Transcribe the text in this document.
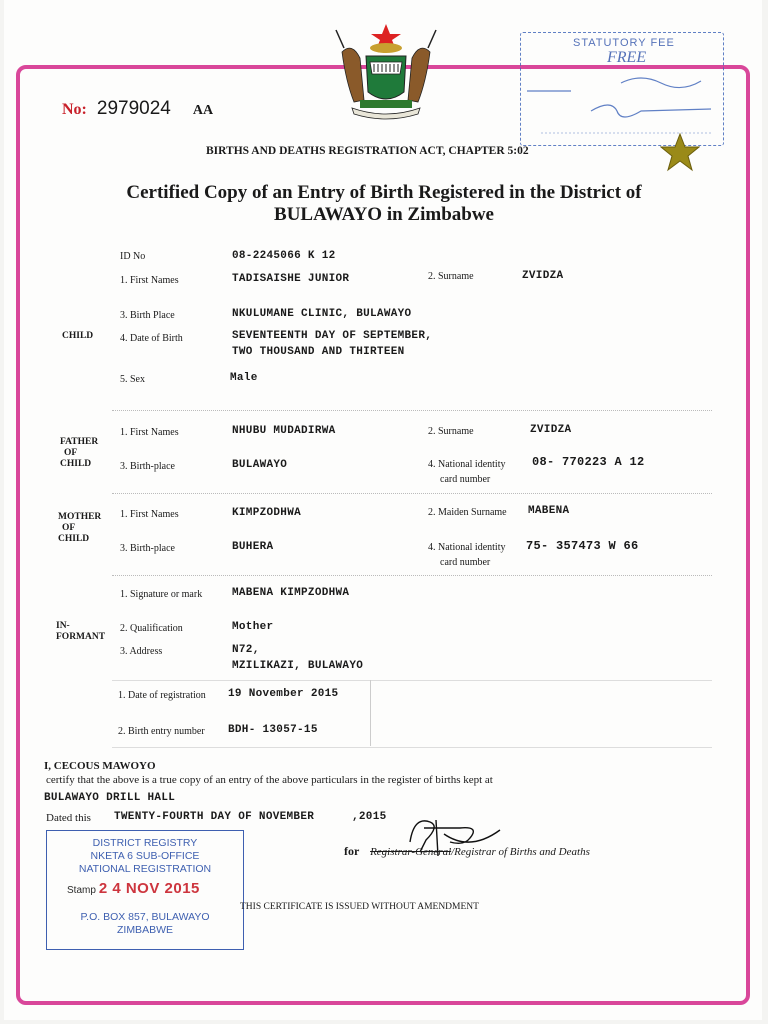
STATUTORY FEE
FREE
No: 2979024 AA
BIRTHS AND DEATHS REGISTRATION ACT, CHAPTER 5:02
Certified Copy of an Entry of Birth Registered in the District of
BULAWAYO in Zimbabwe
CHILD
ID No	08-2245066 K 12
1. First Names	TADISAISHE JUNIOR	2. Surname	ZVIDZA
3. Birth Place	NKULUMANE CLINIC, BULAWAYO
4. Date of Birth	SEVENTEENTH DAY OF SEPTEMBER,
TWO THOUSAND AND THIRTEEN
5. Sex	Male
FATHER
OF
CHILD
1. First Names	NHUBU MUDADIRWA	2. Surname	ZVIDZA
3. Birth-place	BULAWAYO	4. National identity
card number
08- 770223 A 12
MOTHER
OF
CHILD
1. First Names	KIMPZODHWA	2. Maiden Surname MABENA
3. Birth-place	BUHERA	4. National identity
card number
75- 357473 W 66
IN-
FORMANT
1. Signature or mark	MABENA KIMPZODHWA
2. Qualification	Mother
3. Address	N72,
MZILIKAZI, BULAWAYO
1. Date of registration 19 November 2015
2. Birth entry number BDH- 13057-15
I, CECOUS MAWOYO
certify that the above is a true copy of an entry of the above particulars in the register of births kept at
BULAWAYO DRILL HALL
Dated this TWENTY-FOURTH DAY OF NOVEMBER	,2015
for Registrar-General/Registrar of Births and Deaths
DISTRICT REGISTRY
NKETA 6 SUB-OFFICE
NATIONAL REGISTRATION
Stamp 2 4 NOV 2015
P.O. BOX 857, BULAWAYO
ZIMBABWE
THIS CERTIFICATE IS ISSUED WITHOUT AMENDMENT
